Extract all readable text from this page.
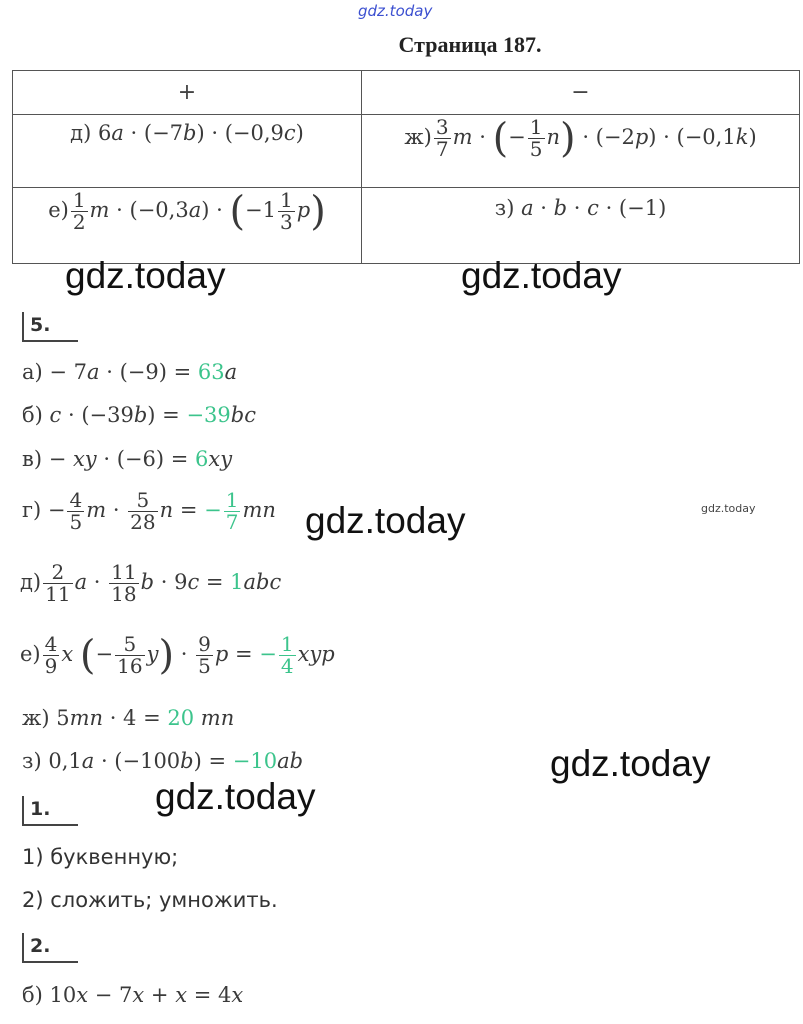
gdz.today
Страница 187.
+	−
д) 6a · (−7b) · (−0,9c)	$ж) \frac{3}{7}$ m · (− $\frac{1}{5} n) \cdot (-2p) \cdot (-0,1k)$
$е) \frac{1}{2}$ $m \cdot (-0,3a) \cdot (-1 \frac{1}{3} p)$	з) a · b · c · (−1)
gdz.today	gdz.today
gdz.today
gdz.today
gdz.today
gdz.today
5.
а) − 7a · (−9) = 63a
б) c · (−39b) = −39bc
в) − xy · (−6) = 6xy
$г) - \frac{4}{5}$ $m \cdot \frac{5}{28}$ n = − $\frac{1}{7}$ mn
$д) \frac{2}{11}$ $a \cdot \frac{11}{18}$ b · 9c = 1abc
$е) \frac{4}{9}$ x (− $\frac{5}{16} y) \cdot \frac{9}{5}$ p = − $\frac{1}{4}$ xyp
ж) 5mn · 4 = 20 mn
з) 0,1a · (−100b) = −10ab
1.
1) буквенную;
2) сложить; умножить.
2.
б) 10x − 7x + x = 4x
